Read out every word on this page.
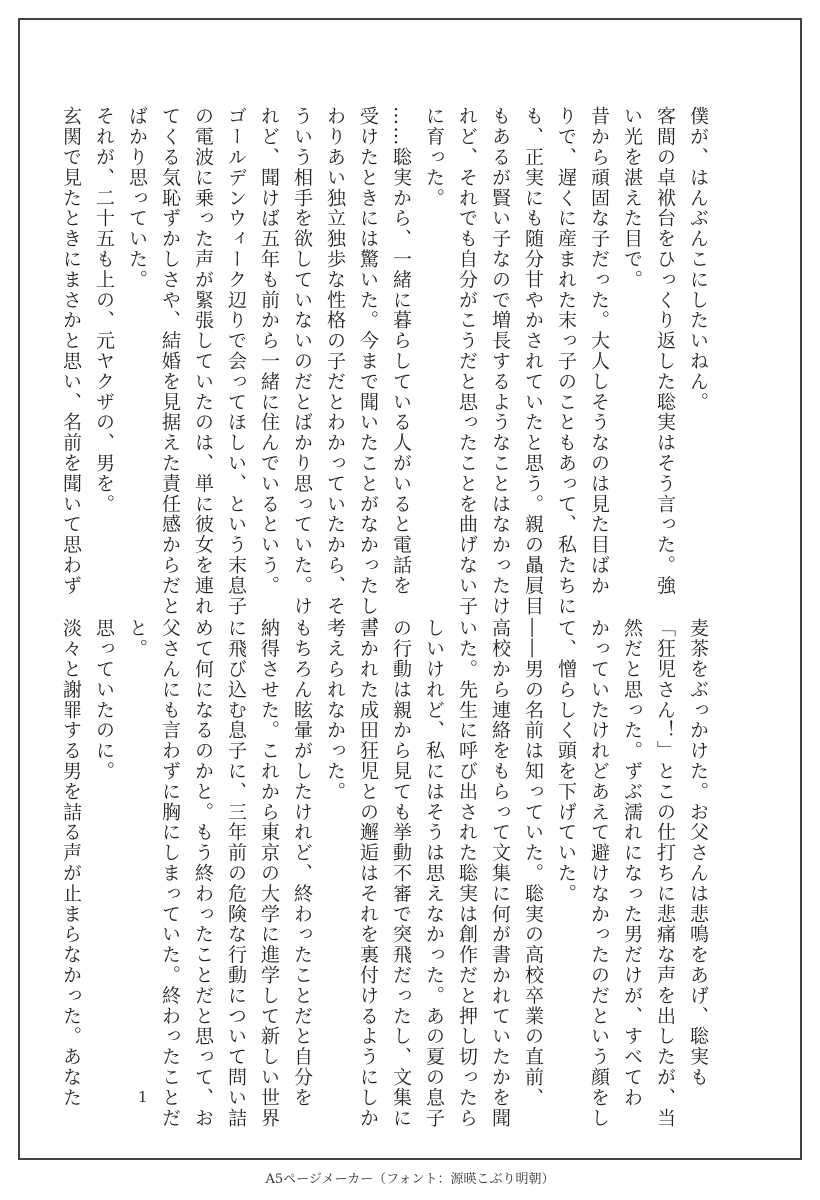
僕が、はんぶんこにしたいねん。

客間の卓袱台をひっくり返した聡実はそう言った。強

い光を湛えた目で。

昔から頑固な子だった。大人しそうなのは見た目ばか

りで、遅くに産まれた末っ子のこともあって、私たちに

も、正実にも随分甘やかされていたと思う。親の贔屓目

もあるが賢い子なので増長するようなことはなかったけ

れど、それでも自分がこうだと思ったことを曲げない子

に育った。

……聡実から、一緒に暮らしている人がいると電話を

受けたときには驚いた。今まで聞いたことがなかったし、

わりあい独立独歩な性格の子だとわかっていたから、そ

ういう相手を欲していないのだとばかり思っていた。け

れど、聞けば五年も前から一緒に住んでいるという。

ゴールデンウィーク辺りで会ってほしい、という末息子

の電波に乗った声が緊張していたのは、単に彼女を連れ

てくる気恥ずかしさや、結婚を見据えた責任感からだと

ばかり思っていた。

それが、二十五も上の、元ヤクザの、男を。

玄関で見たときにまさかと思い、名前を聞いて思わず

麦茶をぶっかけた。お父さんは悲鳴をあげ、聡実も

「狂児さん！」とこの仕打ちに悲痛な声を出したが、当

然だと思った。ずぶ濡れになった男だけが、すべてわ

かっていたけれどあえて避けなかったのだという顔をし

て、憎らしく頭を下げていた。

――男の名前は知っていた。聡実の高校卒業の直前、

高校から連絡をもらって文集に何が書かれていたかを聞

いた。先生に呼び出された聡実は創作だと押し切ったら

しいけれど、私にはそうは思えなかった。あの夏の息子

の行動は親から見ても挙動不審で突飛だったし、文集に

書かれた成田狂児との邂逅はそれを裏付けるようにしか

考えられなかった。

もちろん眩暈がしたけれど、終わったことだと自分を

納得させた。これから東京の大学に進学して新しい世界

に飛び込む息子に、三年前の危険な行動について問い詰

めて何になるのかと。もう終わったことだと思って、お

父さんにも言わずに胸にしまっていた。終わったことだ

と。

思っていたのに。

淡々と謝罪する男を詰る声が止まらなかった。あなた	1
A5ページメーカー（フォント：源暎こぶり明朝）
